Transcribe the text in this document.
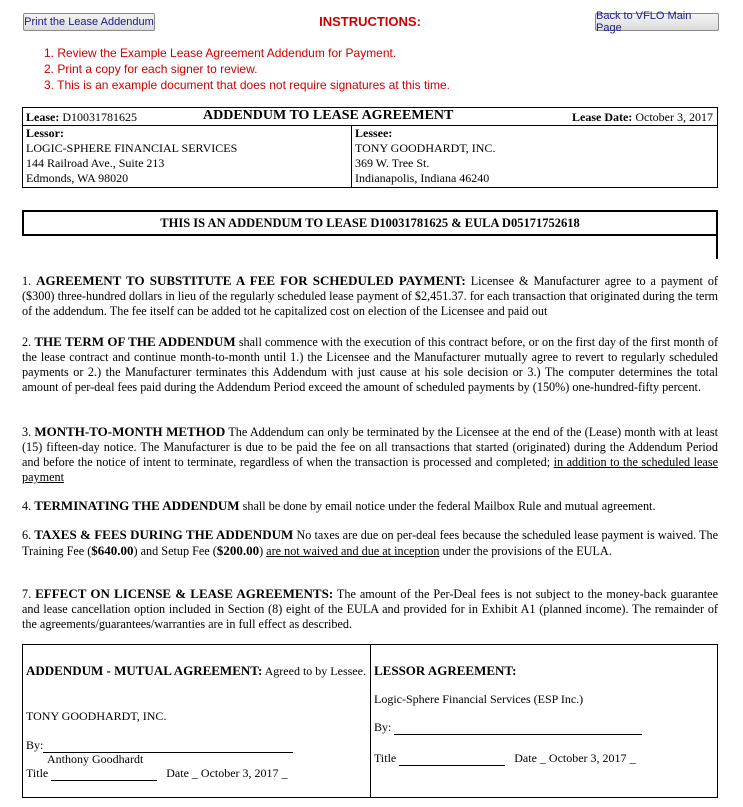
Print the Lease Addendum	INSTRUCTIONS:	Back to VFLO Main Page
1. Review the Example Lease Agreement Addendum for Payment.
2. Print a copy for each signer to review.
3. This is an example document that does not require signatures at this time.
Lease: D10031781625	ADDENDUM TO LEASE AGREEMENT	Lease Date: October 3, 2017
Lessor:
LOGIC-SPHERE FINANCIAL SERVICES
144 Railroad Ave., Suite 213
Edmonds, WA 98020
Lessee:
TONY GOODHARDT, INC.
369 W. Tree St.
Indianapolis, Indiana 46240
THIS IS AN ADDENDUM TO LEASE D10031781625 & EULA D05171752618

1. AGREEMENT TO SUBSTITUTE A FEE FOR SCHEDULED PAYMENT: Licensee & Manufacturer agree to a payment of ($300) three-hundred dollars in lieu of the regularly scheduled lease payment of $2,451.37. for each transaction that originated during the term of the addendum. The fee itself can be added tot he capitalized cost on election of the Licensee and paid out

2. THE TERM OF THE ADDENDUM shall commence with the execution of this contract before, or on the first day of the first month of the lease contract and continue month-to-month until 1.) the Licensee and the Manufacturer mutually agree to revert to regularly scheduled payments or 2.) the Manufacturer terminates this Addendum with just cause at his sole decision or 3.) The computer determines the total amount of per-deal fees paid during the Addendum Period exceed the amount of scheduled payments by (150%) one-hundred-fifty percent.

3. MONTH-TO-MONTH METHOD The Addendum can only be terminated by the Licensee at the end of the (Lease) month with at least (15) fifteen-day notice. The Manufacturer is due to be paid the fee on all transactions that started (originated) during the Addendum Period and before the notice of intent to terminate, regardless of when the transaction is processed and completed; in addition to the scheduled lease payment

4. TERMINATING THE ADDENDUM shall be done by email notice under the federal Mailbox Rule and mutual agreement.

6. TAXES & FEES DURING THE ADDENDUM No taxes are due on per-deal fees because the scheduled lease payment is waived. The Training Fee ($640.00) and Setup Fee ($200.00) are not waived and due at inception under the provisions of the EULA.

7. EFFECT ON LICENSE & LEASE AGREEMENTS: The amount of the Per-Deal fees is not subject to the money-back guarantee and lease cancellation option included in Section (8) eight of the EULA and provided for in Exhibit A1 (planned income). The remainder of the agreements/guarantees/warranties are in full effect as described.

ADDENDUM - MUTUAL AGREEMENT: Agreed to by Lessee.
TONY GOODHARDT, INC.
By:
Anthony Goodhardt
Title	Date _ October 3, 2017 _
LESSOR AGREEMENT:
Logic-Sphere Financial Services (ESP Inc.)
By:
Title	Date _ October 3, 2017 _
